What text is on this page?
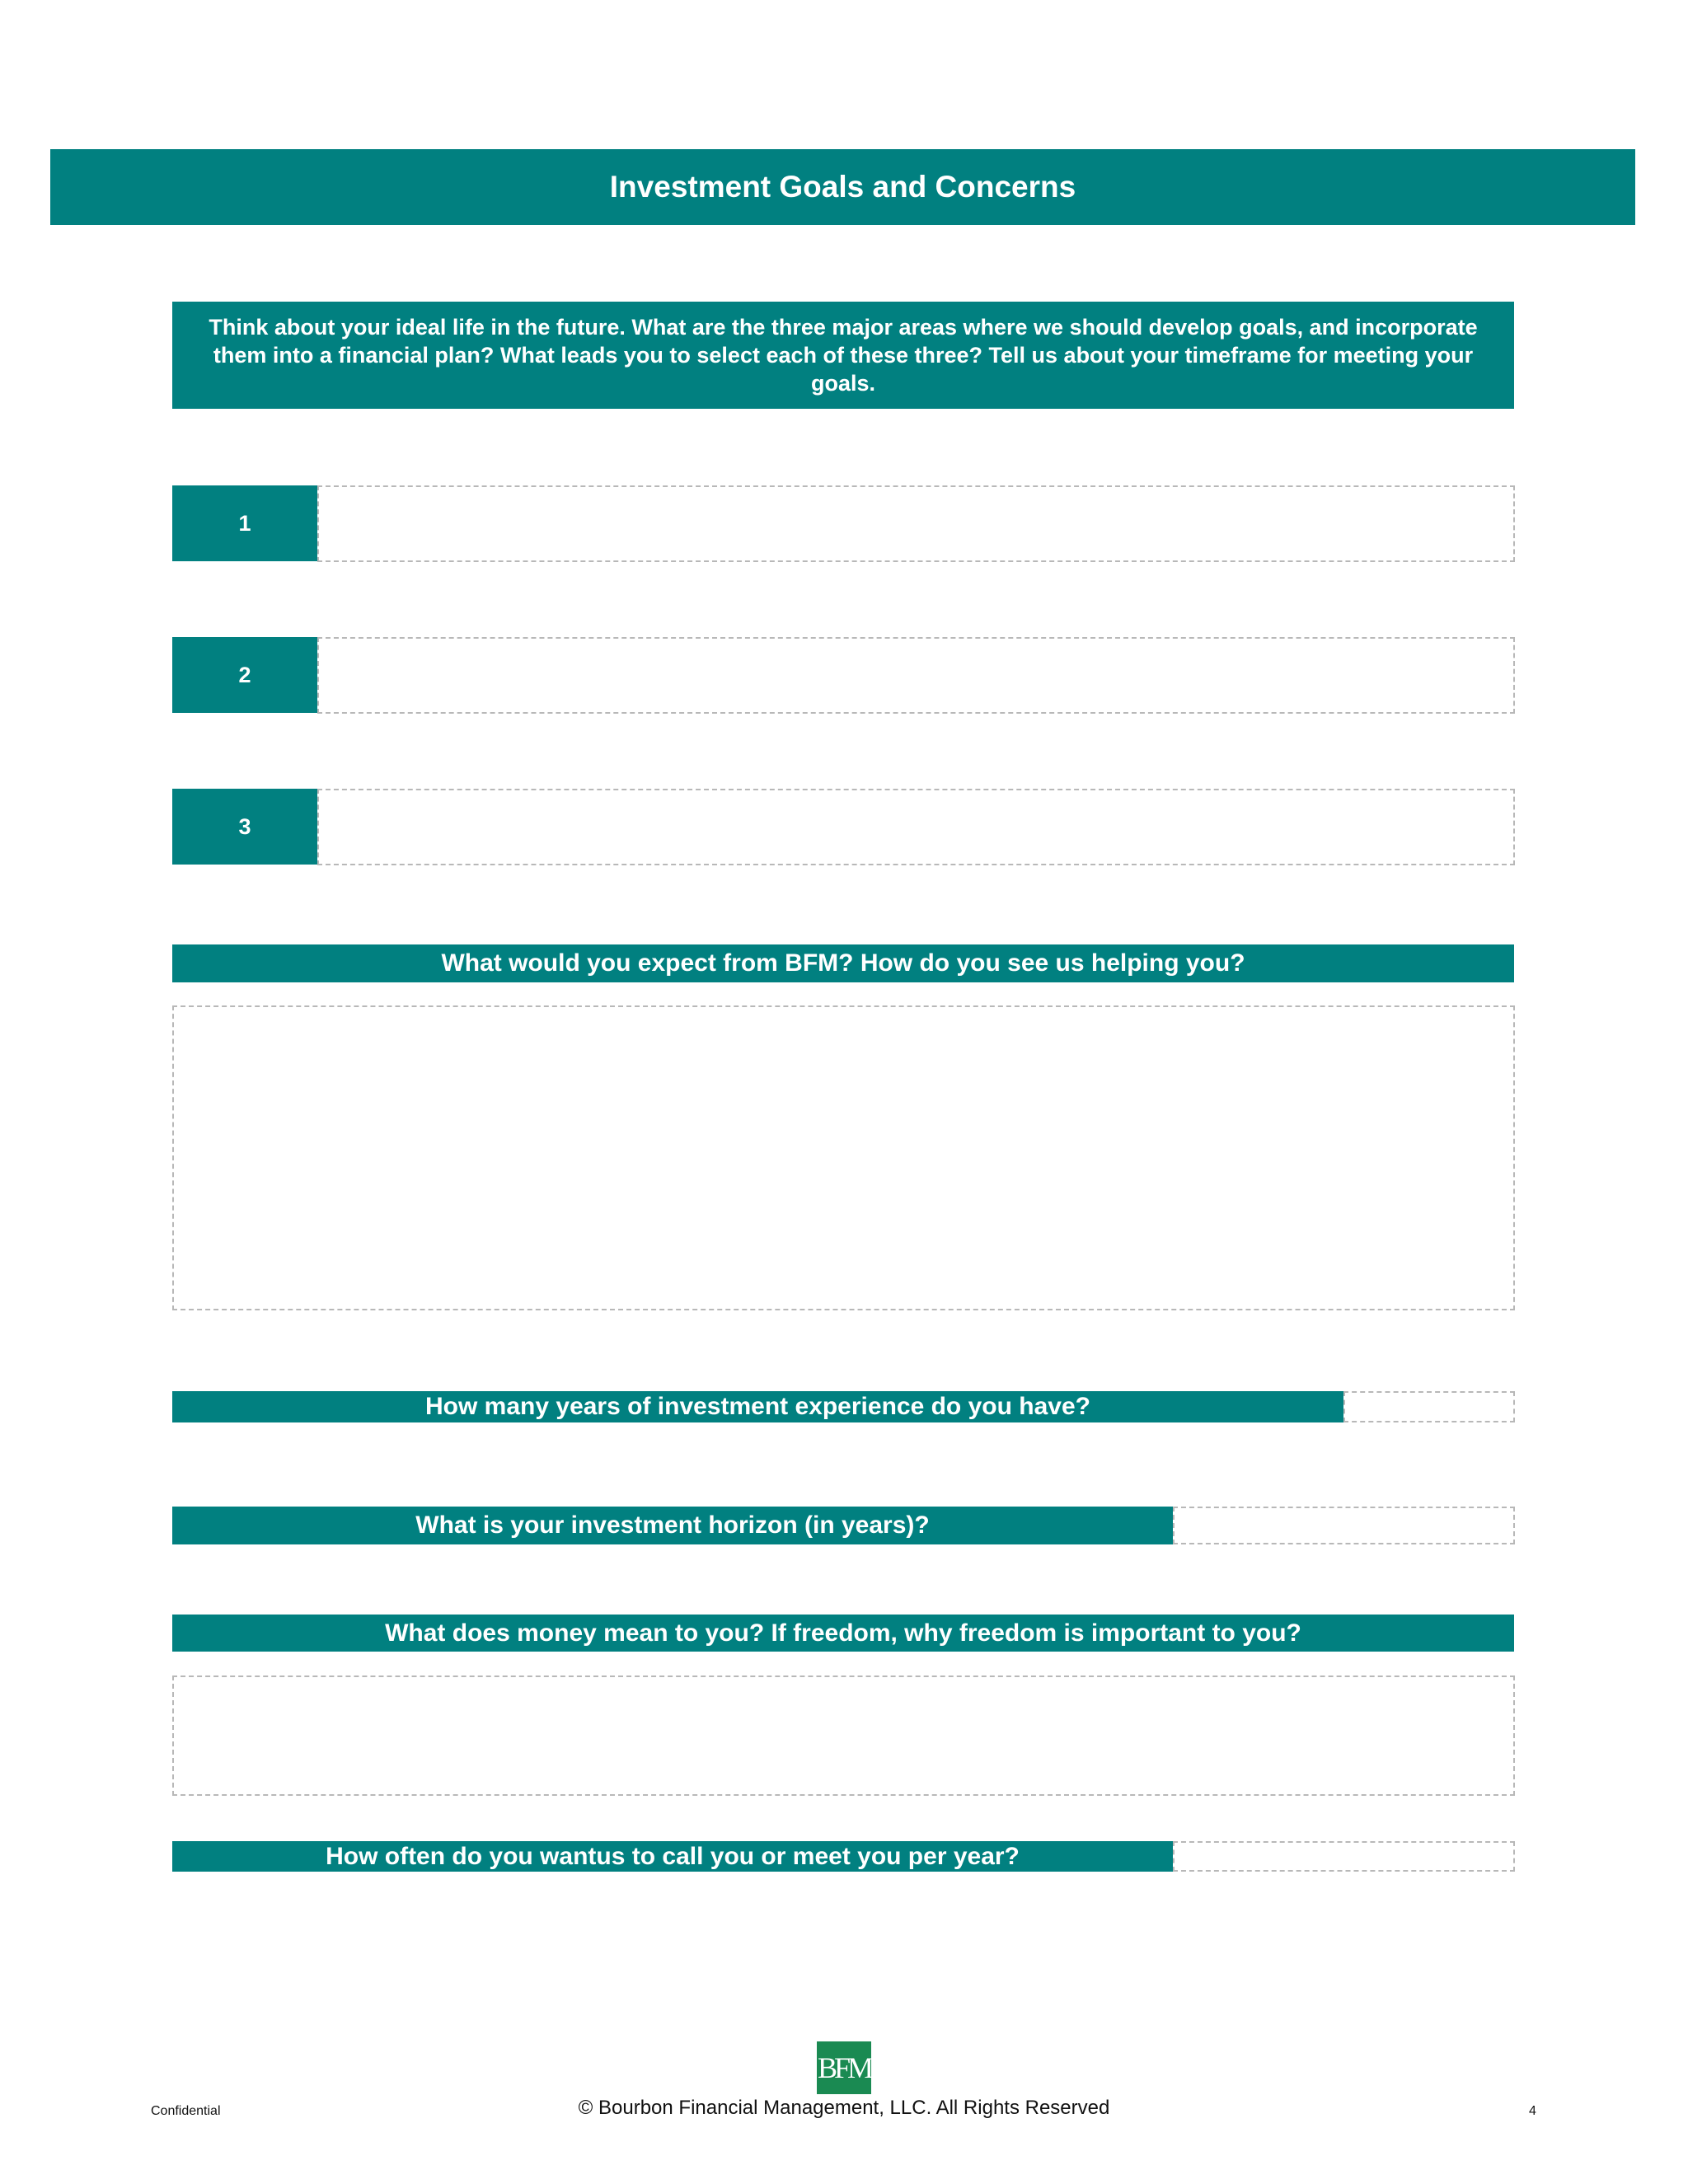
Investment Goals and Concerns
Think about your ideal life in the future. What are the three major areas where we should develop goals, and incorporate them into a financial plan? What leads you to select each of these three? Tell us about your timeframe for meeting your goals.
1
2
3
What would you expect from BFM? How do you see us helping you?
How many years of investment experience do you have?
What is your investment horizon (in years)?
What does money mean to you? If freedom, why freedom is important to you?
How often do you wantus to call you or meet you per year?
BFM
Confidential	© Bourbon Financial Management, LLC. All Rights Reserved	4
